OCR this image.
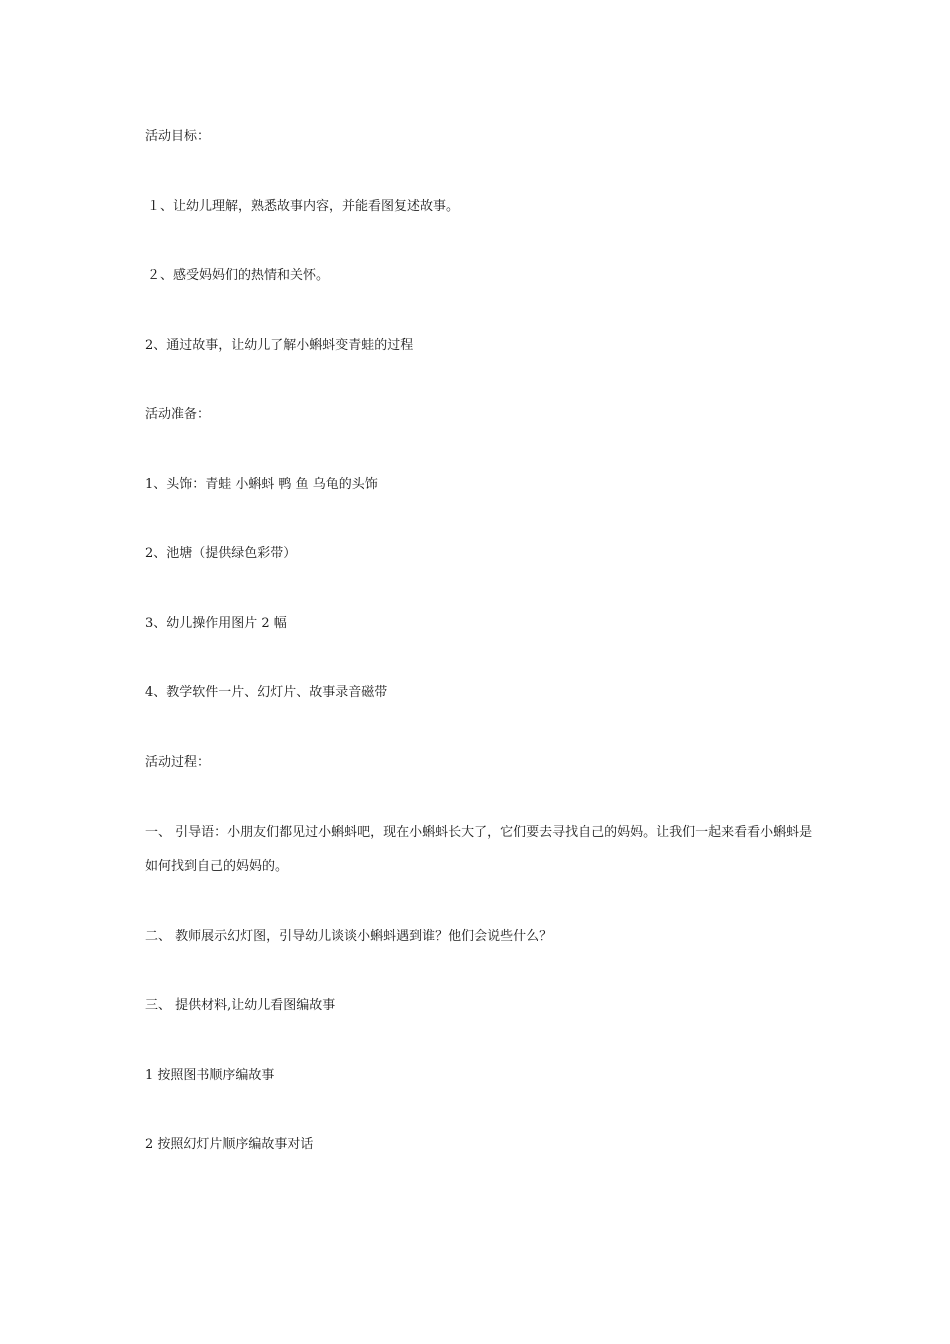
活动目标：
１、让幼儿理解，熟悉故事内容，并能看图复述故事。
２、感受妈妈们的热情和关怀。
2、通过故事，让幼儿了解小蝌蚪变青蛙的过程
活动准备：
1、头饰：青蛙 小蝌蚪 鸭 鱼 乌龟的头饰
2、池塘（提供绿色彩带）
3、幼儿操作用图片 2 幅
4、教学软件一片、幻灯片、故事录音磁带
活动过程：
一、 引导语：小朋友们都见过小蝌蚪吧，现在小蝌蚪长大了，它们要去寻找自己的妈妈。让我们一起来看看小蝌蚪是如何找到自己的妈妈的。
二、 教师展示幻灯图，引导幼儿谈谈小蝌蚪遇到谁？他们会说些什么？
三、 提供材料,让幼儿看图编故事
1 按照图书顺序编故事
2 按照幻灯片顺序编故事对话
